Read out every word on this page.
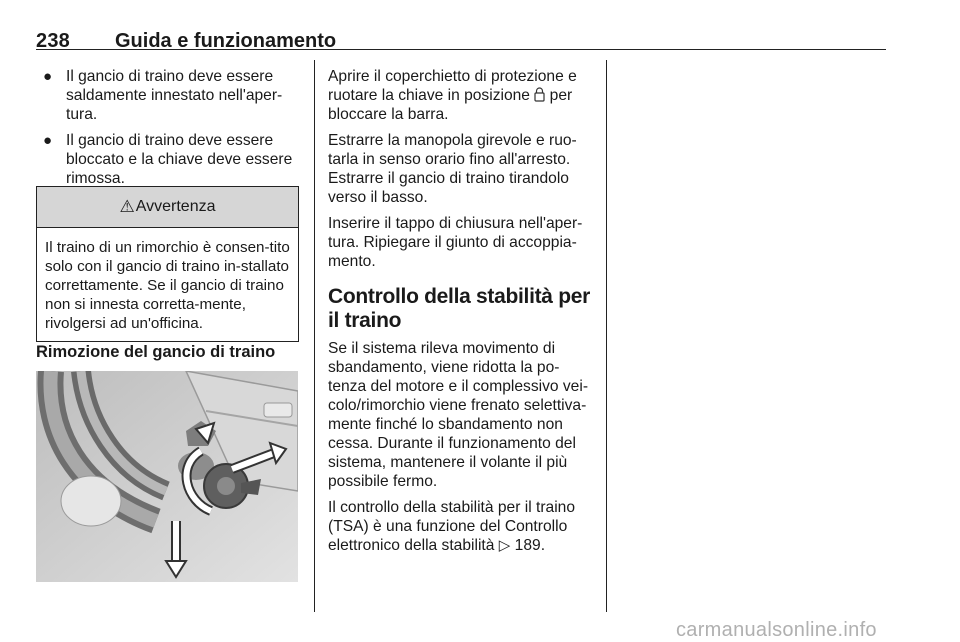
238 Guida e funzionamento
● Il gancio di traino deve essere saldamente innestato nell'aper-tura.
● Il gancio di traino deve essere bloccato e la chiave deve essere rimossa.
⚠ Avvertenza
Il traino di un rimorchio è consen-tito solo con il gancio di traino in-stallato correttamente. Se il gancio di traino non si innesta corretta-mente, rivolgersi ad un'officina.
Rimozione del gancio di traino

Aprire il coperchietto di protezione e ruotare la chiave in posizione per bloccare la barra.

Estrarre la manopola girevole e ruo-tarla in senso orario fino all'arresto. Estrarre il gancio di traino tirandolo verso il basso.

Inserire il tappo di chiusura nell'aper-tura. Ripiegare il giunto di accoppia-mento.

Controllo della stabilità per il traino

Se il sistema rileva movimento di sbandamento, viene ridotta la po-tenza del motore e il complessivo vei-colo/rimorchio viene frenato selettiva-mente finché lo sbandamento non cessa. Durante il funzionamento del sistema, mantenere il volante il più possibile fermo.

Il controllo della stabilità per il traino (TSA) è una funzione del Controllo elettronico della stabilità ▷ 189.

carmanualsonline.info
